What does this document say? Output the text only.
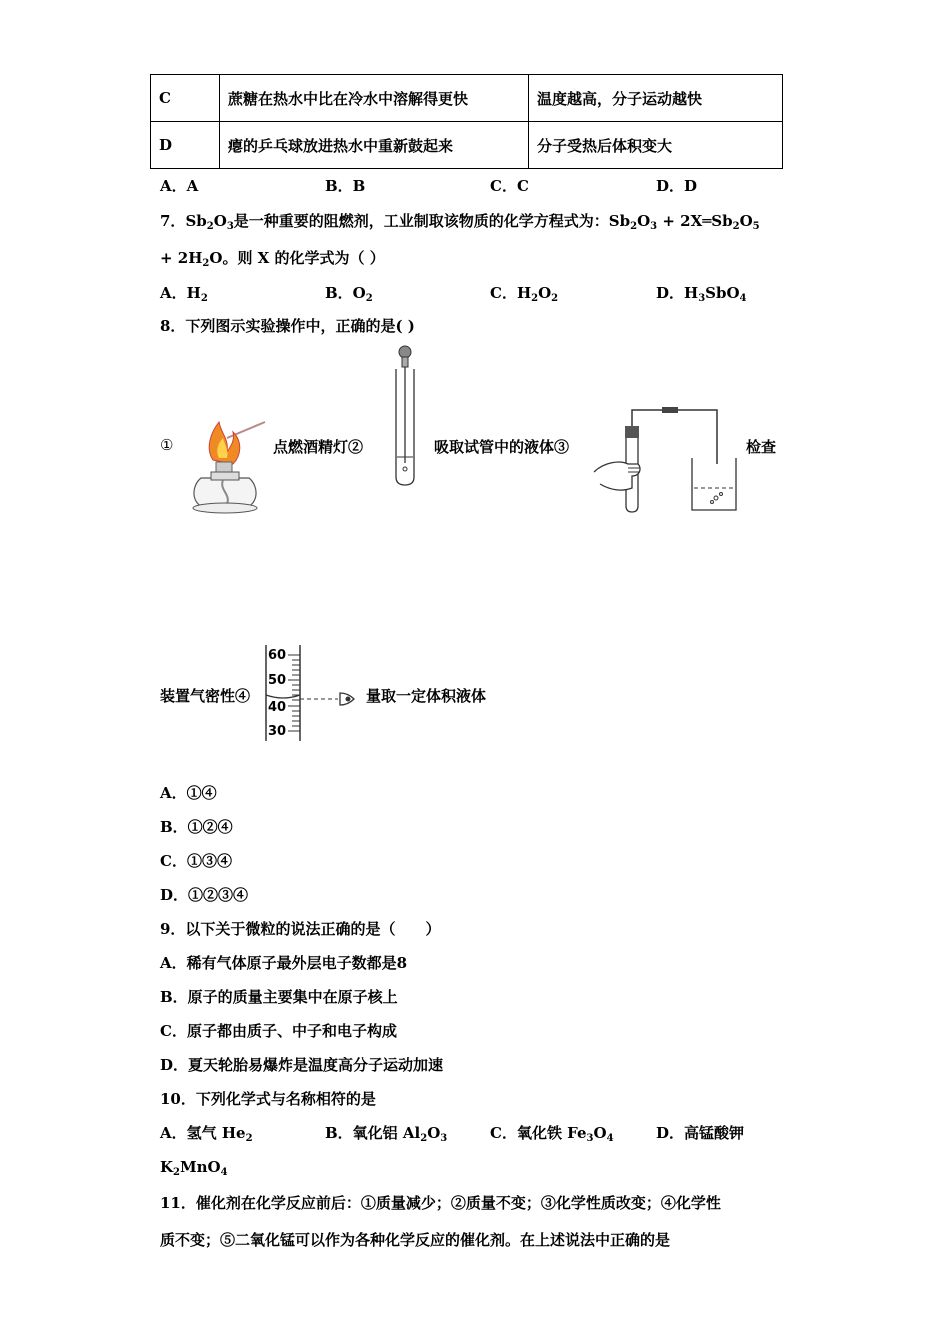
C	蔗糖在热水中比在冷水中溶解得更快	温度越高，分子运动越快
D	瘪的乒乓球放进热水中重新鼓起来	分子受热后体积变大
A．A	B．B	C．C	D．D
7．$Sb_2O_3$是一种重要的阻燃剂，工业制取该物质的化学方程式为：$Sb_2O_3$ + $2X═Sb_2O_5$
+ $2H_2O$。则 X 的化学式为（ ）
A．$H_2$	B．$O_2$	C．$H_2O_2$	D．$H_3SbO_4$
8．下列图示实验操作中，正确的是( )
①	点燃酒精灯②	吸取试管中的液体③	检查
装置气密性④
60
50
40
30
量取一定体积液体
A．①④
B．①②④
C．①③④
D．①②③④
9．以下关于微粒的说法正确的是（　　）
A．稀有气体原子最外层电子数都是8
B．原子的质量主要集中在原子核上
C．原子都由质子、中子和电子构成
D．夏天轮胎易爆炸是温度高分子运动加速
10．下列化学式与名称相符的是
A．氢气 $He_2$	B．氧化铝 $Al_2O_3$	C．氧化铁 $Fe_3O_4$	D．高锰酸钾
$K_2MnO_4$
11．催化剂在化学反应前后：①质量减少；②质量不变；③化学性质改变；④化学性
质不变；⑤二氧化锰可以作为各种化学反应的催化剂。在上述说法中正确的是
